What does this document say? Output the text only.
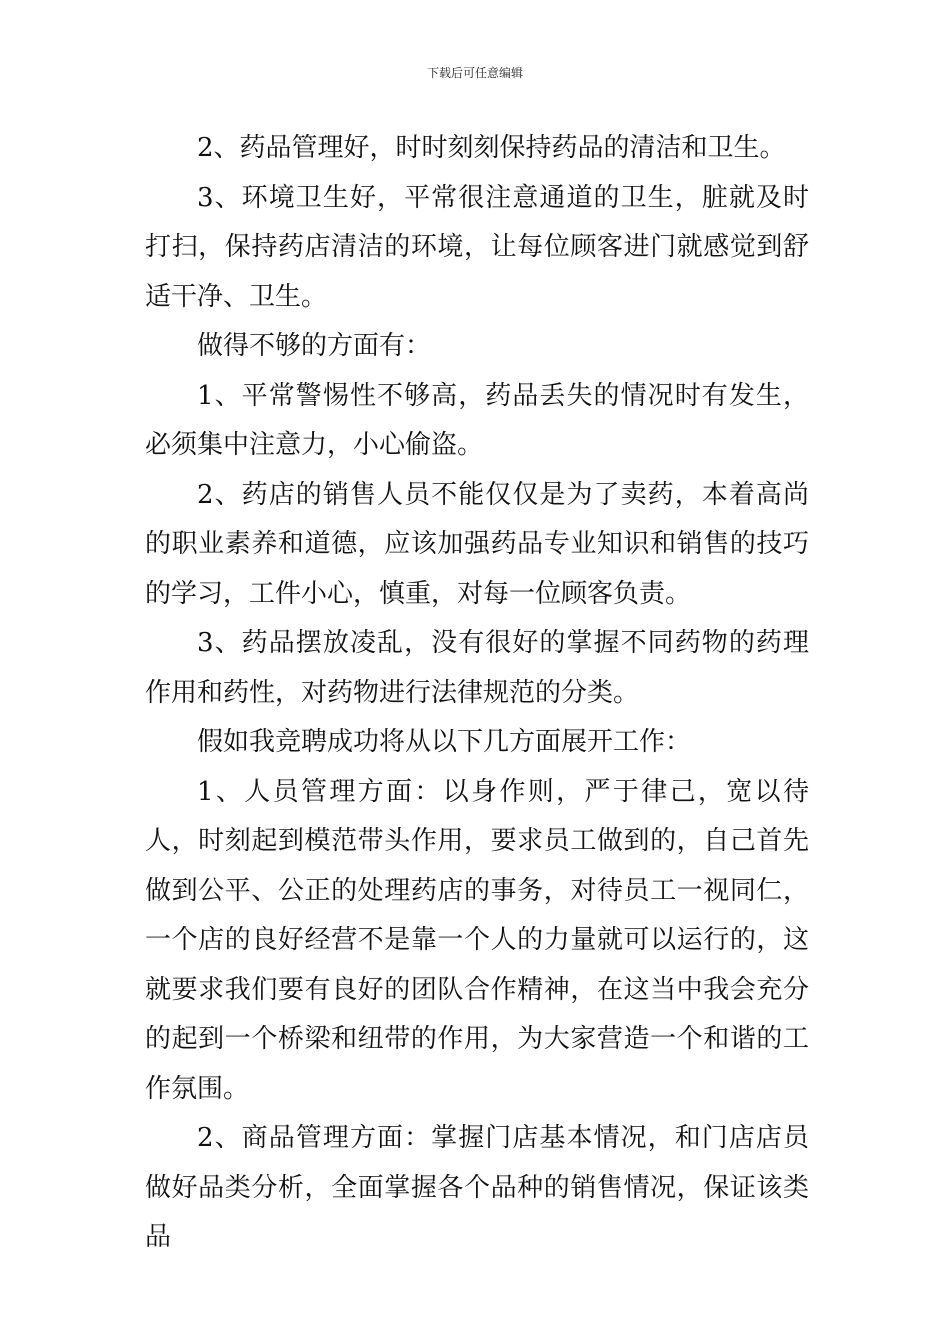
下载后可任意编辑

2、药品管理好，时时刻刻保持药品的清洁和卫生。

3、环境卫生好，平常很注意通道的卫生，脏就及时打扫，保持药店清洁的环境，让每位顾客进门就感觉到舒适干净、卫生。

做得不够的方面有：

1、平常警惕性不够高，药品丢失的情况时有发生，必须集中注意力，小心偷盗。

2、药店的销售人员不能仅仅是为了卖药，本着高尚的职业素养和道德，应该加强药品专业知识和销售的技巧的学习，工件小心，慎重，对每一位顾客负责。

3、药品摆放凌乱，没有很好的掌握不同药物的药理作用和药性，对药物进行法律规范的分类。

假如我竞聘成功将从以下几方面展开工作：

1、人员管理方面：以身作则，严于律己，宽以待人，时刻起到模范带头作用，要求员工做到的，自己首先做到公平、公正的处理药店的事务，对待员工一视同仁，一个店的良好经营不是靠一个人的力量就可以运行的，这就要求我们要有良好的团队合作精神，在这当中我会充分的起到一个桥梁和纽带的作用，为大家营造一个和谐的工作氛围。

2、商品管理方面：掌握门店基本情况，和门店店员做好品类分析，全面掌握各个品种的销售情况，保证该类品
